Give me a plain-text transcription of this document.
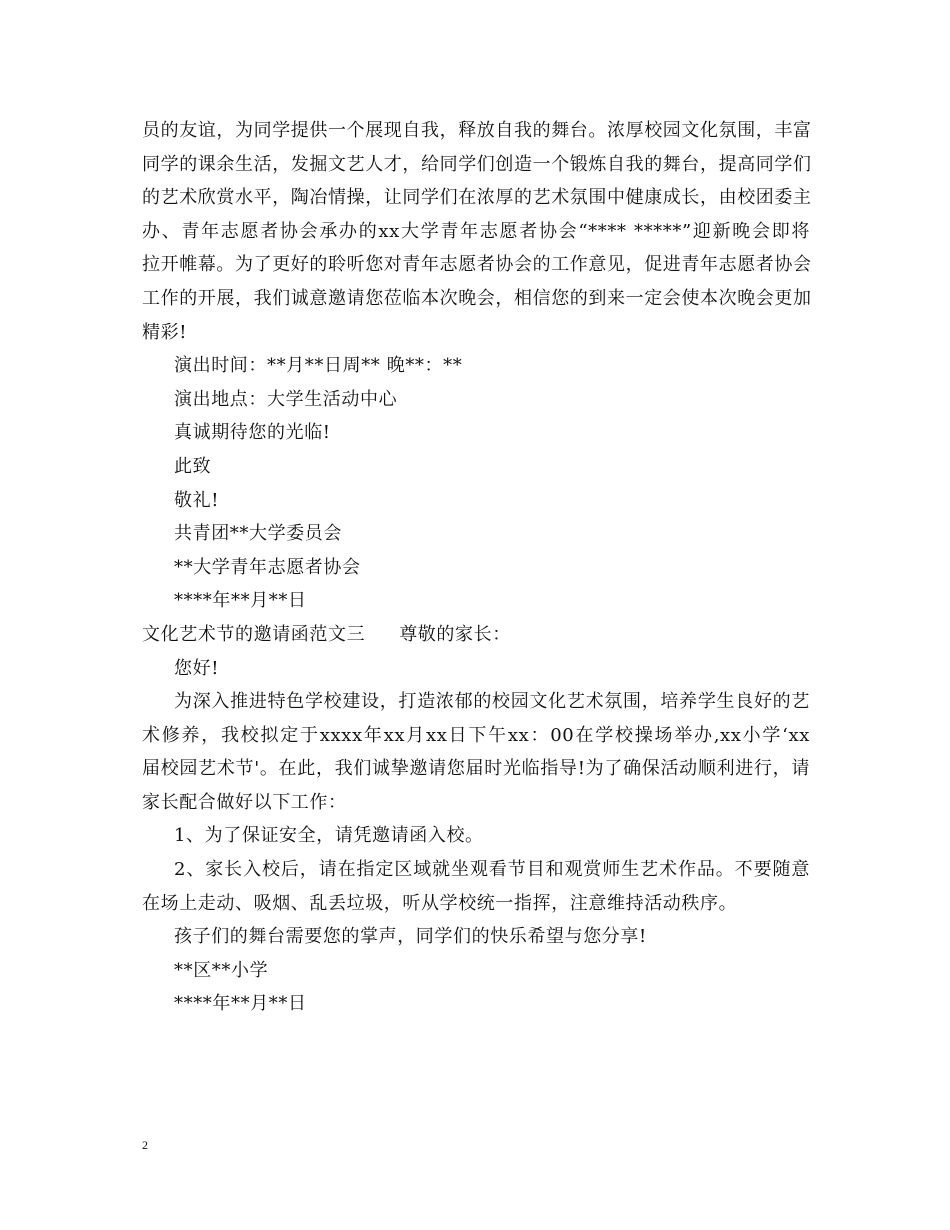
员的友谊，为同学提供一个展现自我，释放自我的舞台。浓厚校园文化氛围，丰富
同学的课余生活，发掘文艺人才，给同学们创造一个锻炼自我的舞台，提高同学们
的艺术欣赏水平，陶冶情操，让同学们在浓厚的艺术氛围中健康成长，由校团委主
办、青年志愿者协会承办的xx大学青年志愿者协会“**** *****”迎新晚会即将
拉开帷幕。为了更好的聆听您对青年志愿者协会的工作意见，促进青年志愿者协会
工作的开展，我们诚意邀请您莅临本次晚会，相信您的到来一定会使本次晚会更加
精彩!
演出时间：**月**日周** 晚**：**
演出地点：大学生活动中心
真诚期待您的光临!
此致
敬礼!
共青团**大学委员会
**大学青年志愿者协会
****年**月**日
文化艺术节的邀请函范文三 尊敬的家长：
您好!
为深入推进特色学校建设，打造浓郁的校园文化艺术氛围，培养学生良好的艺
术修养，我校拟定于xxxx年xx月xx日下午xx：00在学校操场举办,xx小学‘xx
届校园艺术节'。在此，我们诚挚邀请您届时光临指导!为了确保活动顺利进行，请
家长配合做好以下工作：
1、为了保证安全，请凭邀请函入校。
2、家长入校后，请在指定区域就坐观看节目和观赏师生艺术作品。不要随意
在场上走动、吸烟、乱丢垃圾，听从学校统一指挥，注意维持活动秩序。
孩子们的舞台需要您的掌声，同学们的快乐希望与您分享!
**区**小学
****年**月**日
2
